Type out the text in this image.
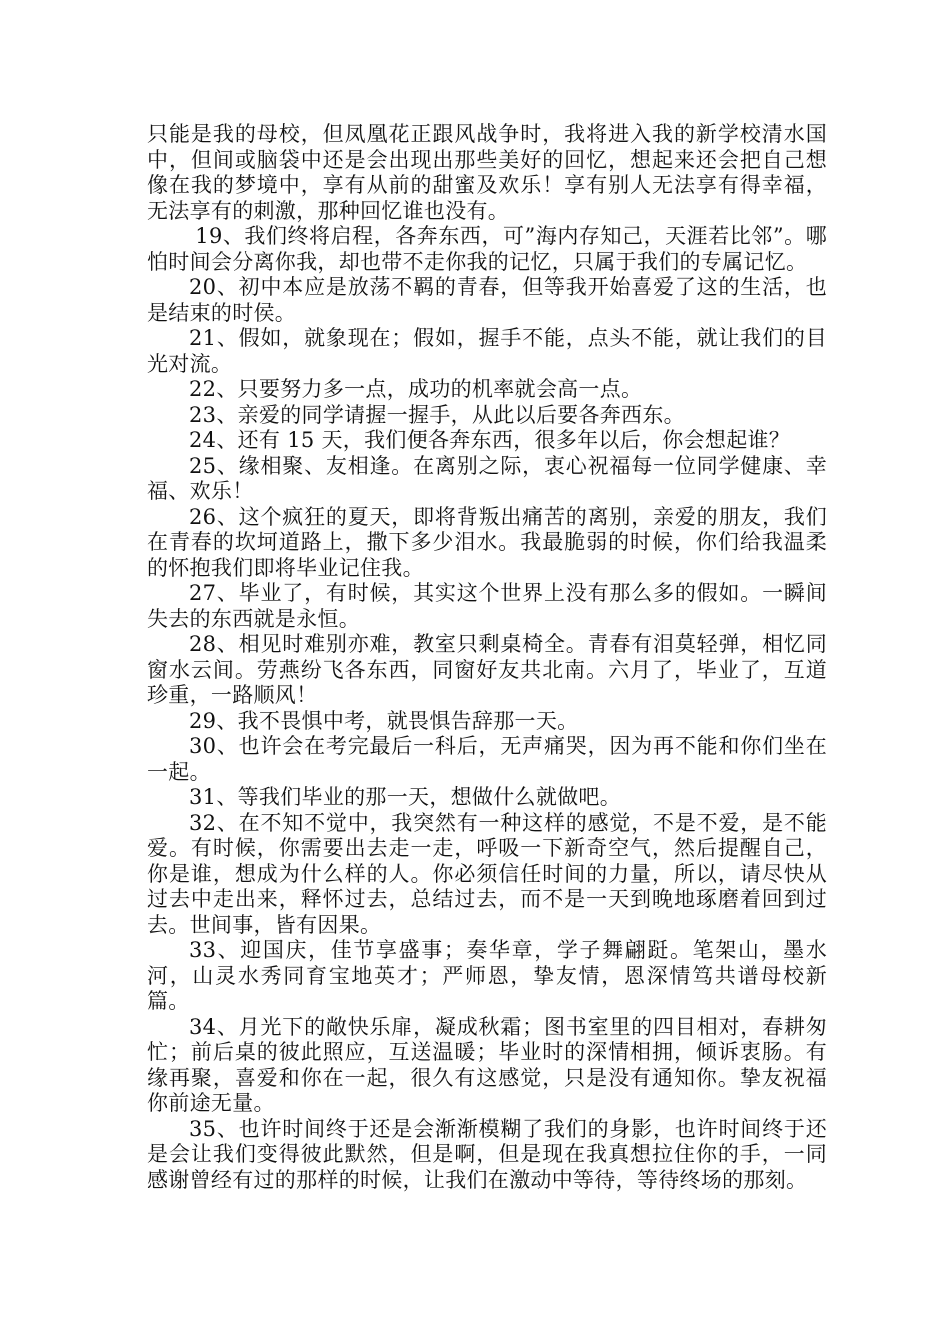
只能是我的母校，但凤凰花正跟风战争时，我将进入我的新学校清水国中，但间或脑袋中还是会出现出那些美好的回忆，想起来还会把自己想像在我的梦境中，享有从前的甜蜜及欢乐！享有别人无法享有得幸福，无法享有的刺激，那种回忆谁也没有。

19、我们终将启程，各奔东西，可”海内存知己，天涯若比邻”。哪怕时间会分离你我，却也带不走你我的记忆，只属于我们的专属记忆。

20、初中本应是放荡不羁的青春，但等我开始喜爱了这的生活，也是结束的时侯。

21、假如，就象现在；假如，握手不能，点头不能，就让我们的目光对流。

22、只要努力多一点，成功的机率就会高一点。

23、亲爱的同学请握一握手，从此以后要各奔西东。

24、还有 15 天，我们便各奔东西，很多年以后，你会想起谁？

25、缘相聚、友相逢。在离别之际，衷心祝福每一位同学健康、幸福、欢乐！

26、这个疯狂的夏天，即将背叛出痛苦的离别，亲爱的朋友，我们在青春的坎坷道路上，撒下多少泪水。我最脆弱的时候，你们给我温柔的怀抱我们即将毕业记住我。

27、毕业了，有时候，其实这个世界上没有那么多的假如。一瞬间失去的东西就是永恒。

28、相见时难别亦难，教室只剩桌椅全。青春有泪莫轻弹，相忆同窗水云间。劳燕纷飞各东西，同窗好友共北南。六月了，毕业了，互道珍重，一路顺风！

29、我不畏惧中考，就畏惧告辞那一天。

30、也许会在考完最后一科后，无声痛哭，因为再不能和你们坐在一起。

31、等我们毕业的那一天，想做什么就做吧。

32、在不知不觉中，我突然有一种这样的感觉，不是不爱，是不能爱。有时候，你需要出去走一走，呼吸一下新奇空气，然后提醒自己，你是谁，想成为什么样的人。你必须信任时间的力量，所以，请尽快从过去中走出来，释怀过去，总结过去，而不是一天到晚地琢磨着回到过去。世间事，皆有因果。

33、迎国庆，佳节享盛事；奏华章，学子舞翩跹。笔架山，墨水河，山灵水秀同育宝地英才；严师恩，挚友情，恩深情笃共谱母校新篇。

34、月光下的敞快乐扉，凝成秋霜；图书室里的四目相对，春耕匆忙；前后桌的彼此照应，互送温暖；毕业时的深情相拥，倾诉衷肠。有缘再聚，喜爱和你在一起，很久有这感觉，只是没有通知你。挚友祝福你前途无量。

35、也许时间终于还是会渐渐模糊了我们的身影，也许时间终于还是会让我们变得彼此默然，但是啊，但是现在我真想拉住你的手，一同感谢曾经有过的那样的时候，让我们在激动中等待，等待终场的那刻。
